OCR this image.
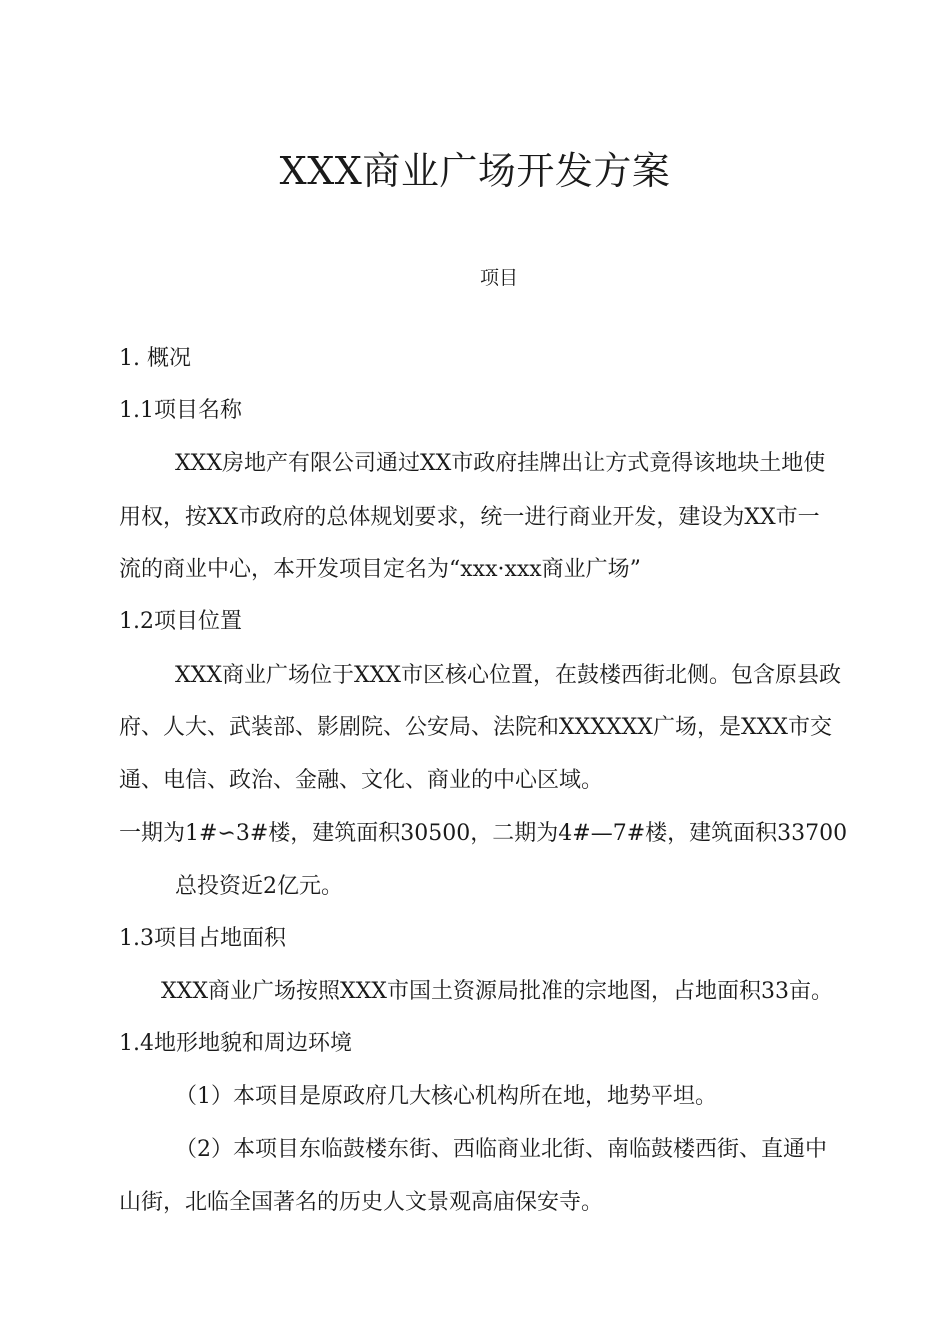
XXX商业广场开发方案
项目
1. 概况
1.1项目名称
XXX房地产有限公司通过XX市政府挂牌出让方式竟得该地块土地使
用权，按XX市政府的总体规划要求，统一进行商业开发，建设为XX市一
流的商业中心，本开发项目定名为“xxx·xxx商业广场”
1.2项目位置
XXX商业广场位于XXX市区核心位置，在鼓楼西街北侧。包含原县政
府、人大、武装部、影剧院、公安局、法院和XXXXXX广场，是XXX市交
通、电信、政治、金融、文化、商业的中心区域。
一期为1#∽3#楼，建筑面积30500，二期为4#—7#楼，建筑面积33700
总投资近2亿元。
1.3项目占地面积
XXX商业广场按照XXX市国土资源局批准的宗地图，占地面积33亩。
1.4地形地貌和周边环境
（1）本项目是原政府几大核心机构所在地，地势平坦。
（2）本项目东临鼓楼东街、西临商业北街、南临鼓楼西街、直通中
山街，北临全国著名的历史人文景观高庙保安寺。
